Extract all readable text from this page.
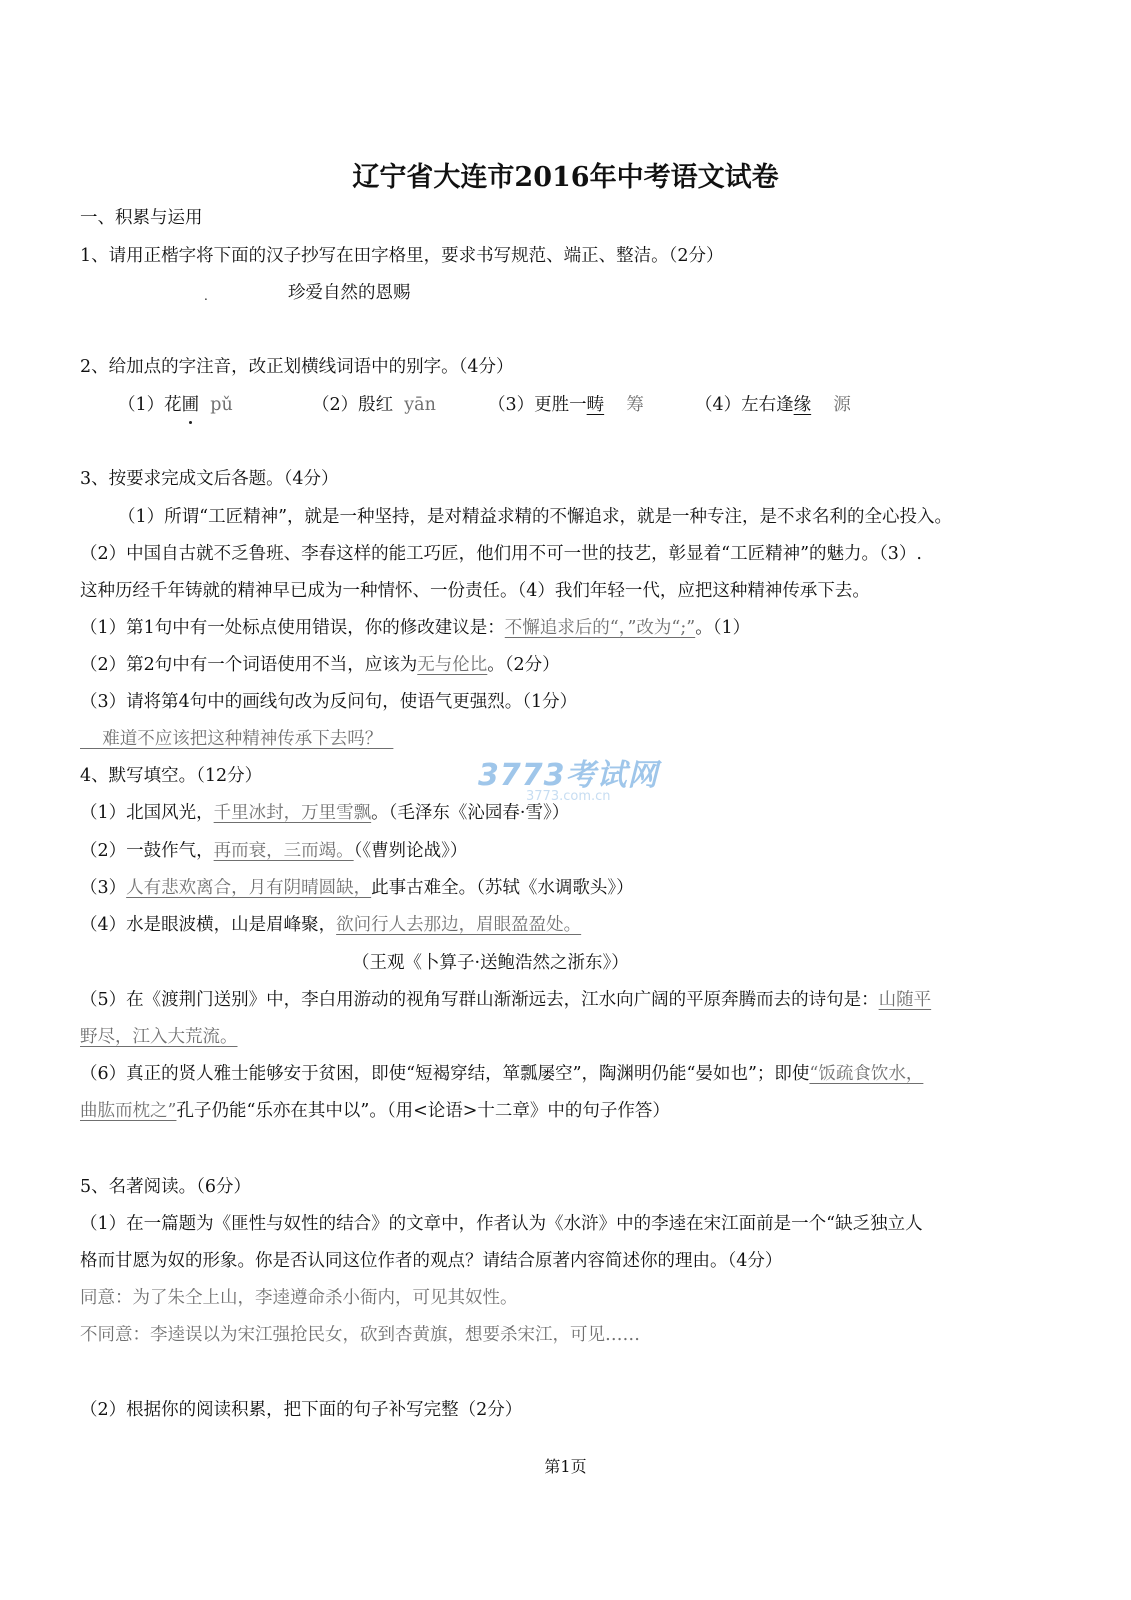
辽宁省大连市2016年中考语文试卷
一、积累与运用
1、请用正楷字将下面的汉子抄写在田字格里，要求书写规范、端正、整洁。（2分）
.	珍爱自然的恩赐
2、给加点的字注音，改正划横线词语中的别字。（4分）
（1）花圃 pǔ	（2）殷红 yān	（3）更胜一畴 筹	（4）左右逢缘 源
3、按要求完成文后各题。（4分）
（1）所谓“工匠精神”，就是一种坚持，是对精益求精的不懈追求，就是一种专注，是不求名利的全心投入。
（2）中国自古就不乏鲁班、李春这样的能工巧匠，他们用不可一世的技艺，彰显着“工匠精神”的魅力。（3）.
这种历经千年铸就的精神早已成为一种情怀、一份责任。（4）我们年轻一代，应把这种精神传承下去。
（1）第1句中有一处标点使用错误，你的修改建议是：不懈追求后的“，”改为“;”。（1）
（2）第2句中有一个词语使用不当，应该为无与伦比。（2分）
（3）请将第4句中的画线句改为反问句，使语气更强烈。（1分）
难道不应该把这种精神传承下去吗？
3773考试网
3773.com.cn
4、默写填空。（12分）
（1）北国风光，千里冰封，万里雪飘。（毛泽东《沁园春·雪》）
（2）一鼓作气，再而衰，三而竭。（《曹刿论战》）
（3）人有悲欢离合，月有阴晴圆缺，此事古难全。（苏轼《水调歌头》）
（4）水是眼波横，山是眉峰聚，欲问行人去那边，眉眼盈盈处。
（王观《卜算子·送鲍浩然之浙东》）
（5）在《渡荆门送别》中，李白用游动的视角写群山渐渐远去，江水向广阔的平原奔腾而去的诗句是：山随平
野尽，江入大荒流。
（6）真正的贤人雅士能够安于贫困，即使“短褐穿结，箪瓢屡空”，陶渊明仍能“晏如也”；即使“饭疏食饮水，
曲肱而枕之”孔子仍能“乐亦在其中以”。（用<论语>十二章》中的句子作答）
5、名著阅读。（6分）
（1）在一篇题为《匪性与奴性的结合》的文章中，作者认为《水浒》中的李逵在宋江面前是一个“缺乏独立人
格而甘愿为奴的形象。你是否认同这位作者的观点？请结合原著内容简述你的理由。（4分）
同意：为了朱仝上山，李逵遵命杀小衙内，可见其奴性。
不同意：李逵误以为宋江强抢民女，砍到杏黄旗，想要杀宋江，可见……
（2）根据你的阅读积累，把下面的句子补写完整（2分）
第1页
